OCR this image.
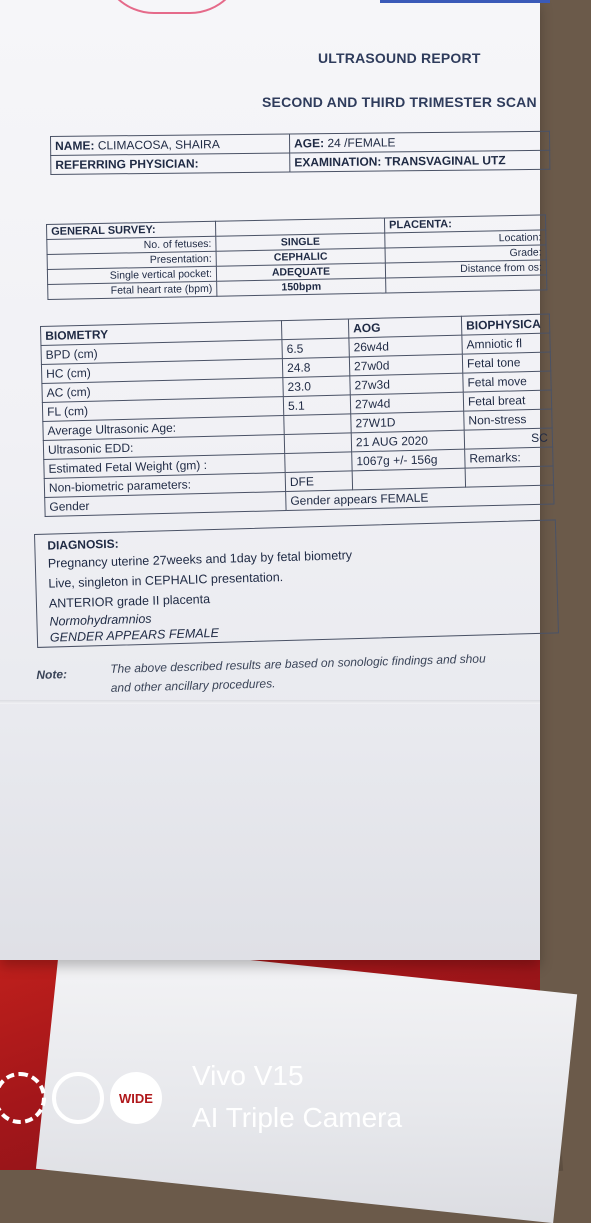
ULTRASOUND REPORT
SECOND AND THIRD TRIMESTER SCAN
NAME: CLIMACOSA, SHAIRA	AGE: 24 /FEMALE
REFERRING PHYSICIAN:	EXAMINATION: TRANSVAGINAL UTZ
GENERAL SURVEY:		PLACENTA:
No. of fetuses:	SINGLE	Location:
Presentation:	CEPHALIC	Grade:
Single vertical pocket:	ADEQUATE	Distance from os:
Fetal heart rate (bpm)	150bpm	
BIOMETRY		AOG	BIOPHYSICA
BPD (cm)	6.5	26w4d	Amniotic fl
HC (cm)	24.8	27w0d	Fetal tone
AC (cm)	23.0	27w3d	Fetal move
FL (cm)	5.1	27w4d	Fetal breat
Average Ultrasonic Age:		27W1D	Non-stress
Ultrasonic EDD:		21 AUG 2020	SC
Estimated Fetal Weight (gm) :		1067g +/- 156g	Remarks:
Non-biometric parameters:	DFE		
Gender	Gender appears FEMALE		
DIAGNOSIS:
Pregnancy uterine 27weeks and 1day by fetal biometry
Live, singleton in CEPHALIC presentation.
ANTERIOR grade II placenta
Normohydramnios
GENDER APPEARS FEMALE
Note:	The above described results are based on sonologic findings and shou
and other ancillary procedures.
WIDE
Vivo V15
AI Triple Camera
